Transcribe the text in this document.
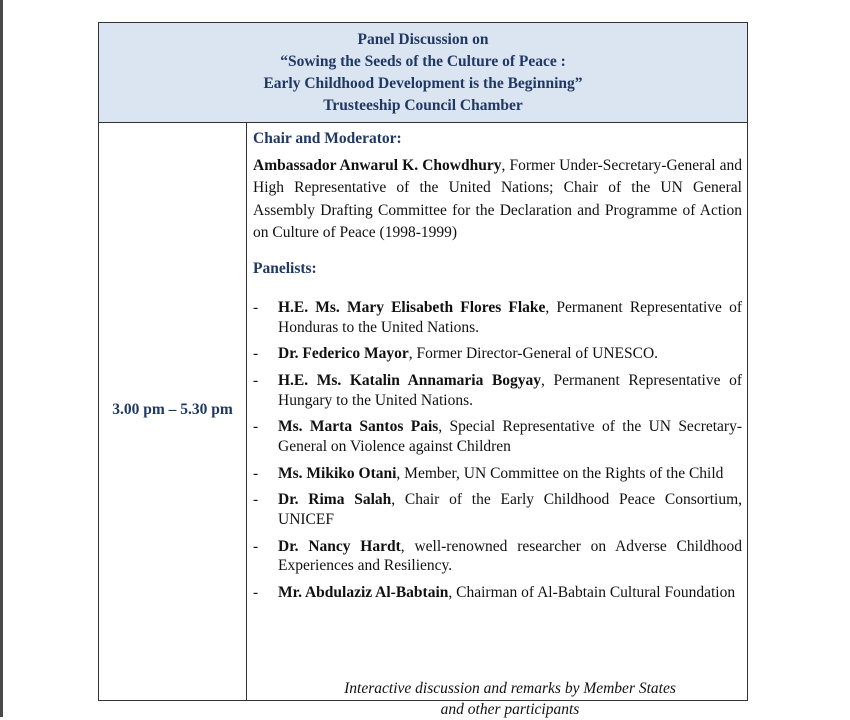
Panel Discussion on
“Sowing the Seeds of the Culture of Peace :
Early Childhood Development is the Beginning”
Trusteeship Council Chamber
3.00 pm – 5.30 pm
Chair and Moderator:
Ambassador Anwarul K. Chowdhury, Former Under-Secretary-General and High Representative of the United Nations; Chair of the UN General Assembly Drafting Committee for the Declaration and Programme of Action on Culture of Peace (1998-1999)
Panelists:
- H.E. Ms. Mary Elisabeth Flores Flake, Permanent Representative of Honduras to the United Nations.
- Dr. Federico Mayor, Former Director-General of UNESCO.
- H.E. Ms. Katalin Annamaria Bogyay, Permanent Representative of Hungary to the United Nations.
- Ms. Marta Santos Pais, Special Representative of the UN Secretary-General on Violence against Children
- Ms. Mikiko Otani, Member, UN Committee on the Rights of the Child
- Dr. Rima Salah, Chair of the Early Childhood Peace Consortium, UNICEF
- Dr. Nancy Hardt, well-renowned researcher on Adverse Childhood Experiences and Resiliency.
- Mr. Abdulaziz Al-Babtain, Chairman of Al-Babtain Cultural Foundation
Interactive discussion and remarks by Member States
and other participants
